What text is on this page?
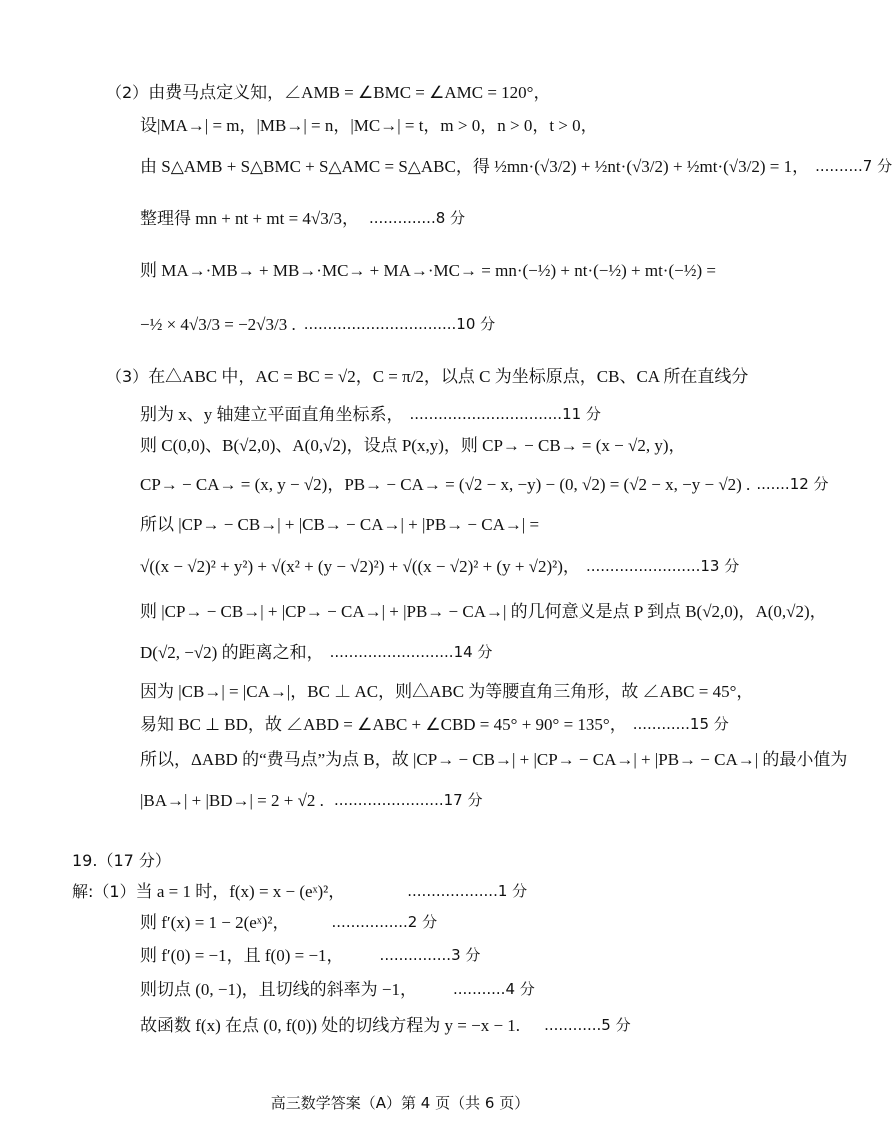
（2） 由费马点定义知，∠AMB = ∠BMC = ∠AMC = 120°，
设|MA→| = m，|MB→| = n，|MC→| = t，m > 0，n > 0，t > 0，
由 S△AMB + S△BMC + S△AMC = S△ABC，得 ½mn·(√3/2) + ½nt·(√3/2) + ½mt·(√3/2) = 1， ..........7 分
整理得 mn + nt + mt = 4√3/3， ..............8 分
则 MA→·MB→ + MB→·MC→ + MA→·MC→ = mn·(−½) + nt·(−½) + mt·(−½) =
−½ × 4√3/3 = −2√3/3 . ................................10 分
（3） 在△ABC 中，AC = BC = √2，C = π/2，以点 C 为坐标原点，CB、CA 所在直线分
别为 x、y 轴建立平面直角坐标系， ................................11 分
则 C(0,0)、B(√2,0)、A(0,√2)，设点 P(x,y)，则 CP→ − CB→ = (x − √2, y)，
CP→ − CA→ = (x, y − √2)，PB→ − CA→ = (√2 − x, −y) − (0, √2) = (√2 − x, −y − √2) . .......12 分
所以 |CP→ − CB→| + |CB→ − CA→| + |PB→ − CA→| =
√((x − √2)² + y²) + √(x² + (y − √2)²) + √((x − √2)² + (y + √2)²)， ........................13 分
则 |CP→ − CB→| + |CP→ − CA→| + |PB→ − CA→| 的几何意义是点 P 到点 B(√2,0)，A(0,√2)，
D(√2, −√2) 的距离之和， ..........................14 分
因为 |CB→| = |CA→|，BC ⊥ AC，则△ABC 为等腰直角三角形，故 ∠ABC = 45°，
易知 BC ⊥ BD，故 ∠ABD = ∠ABC + ∠CBD = 45° + 90° = 135°， ............15 分
所以，ΔABD 的“费马点”为点 B，故 |CP→ − CB→| + |CP→ − CA→| + |PB→ − CA→| 的最小值为
|BA→| + |BD→| = 2 + √2 . .......................17 分
19.（17 分）
解:（1） 当 a = 1 时，f(x) = x − (eˣ)²，	...................1 分
则 f′(x) = 1 − 2(eˣ)²，	................2 分
则 f′(0) = −1，且 f(0) = −1， ...............3 分
则切点 (0, −1)，且切线的斜率为 −1， ...........4 分
故函数 f(x) 在点 (0, f(0)) 处的切线方程为 y = −x − 1. ............5 分
高三数学答案（A）第 4 页（共 6 页）
